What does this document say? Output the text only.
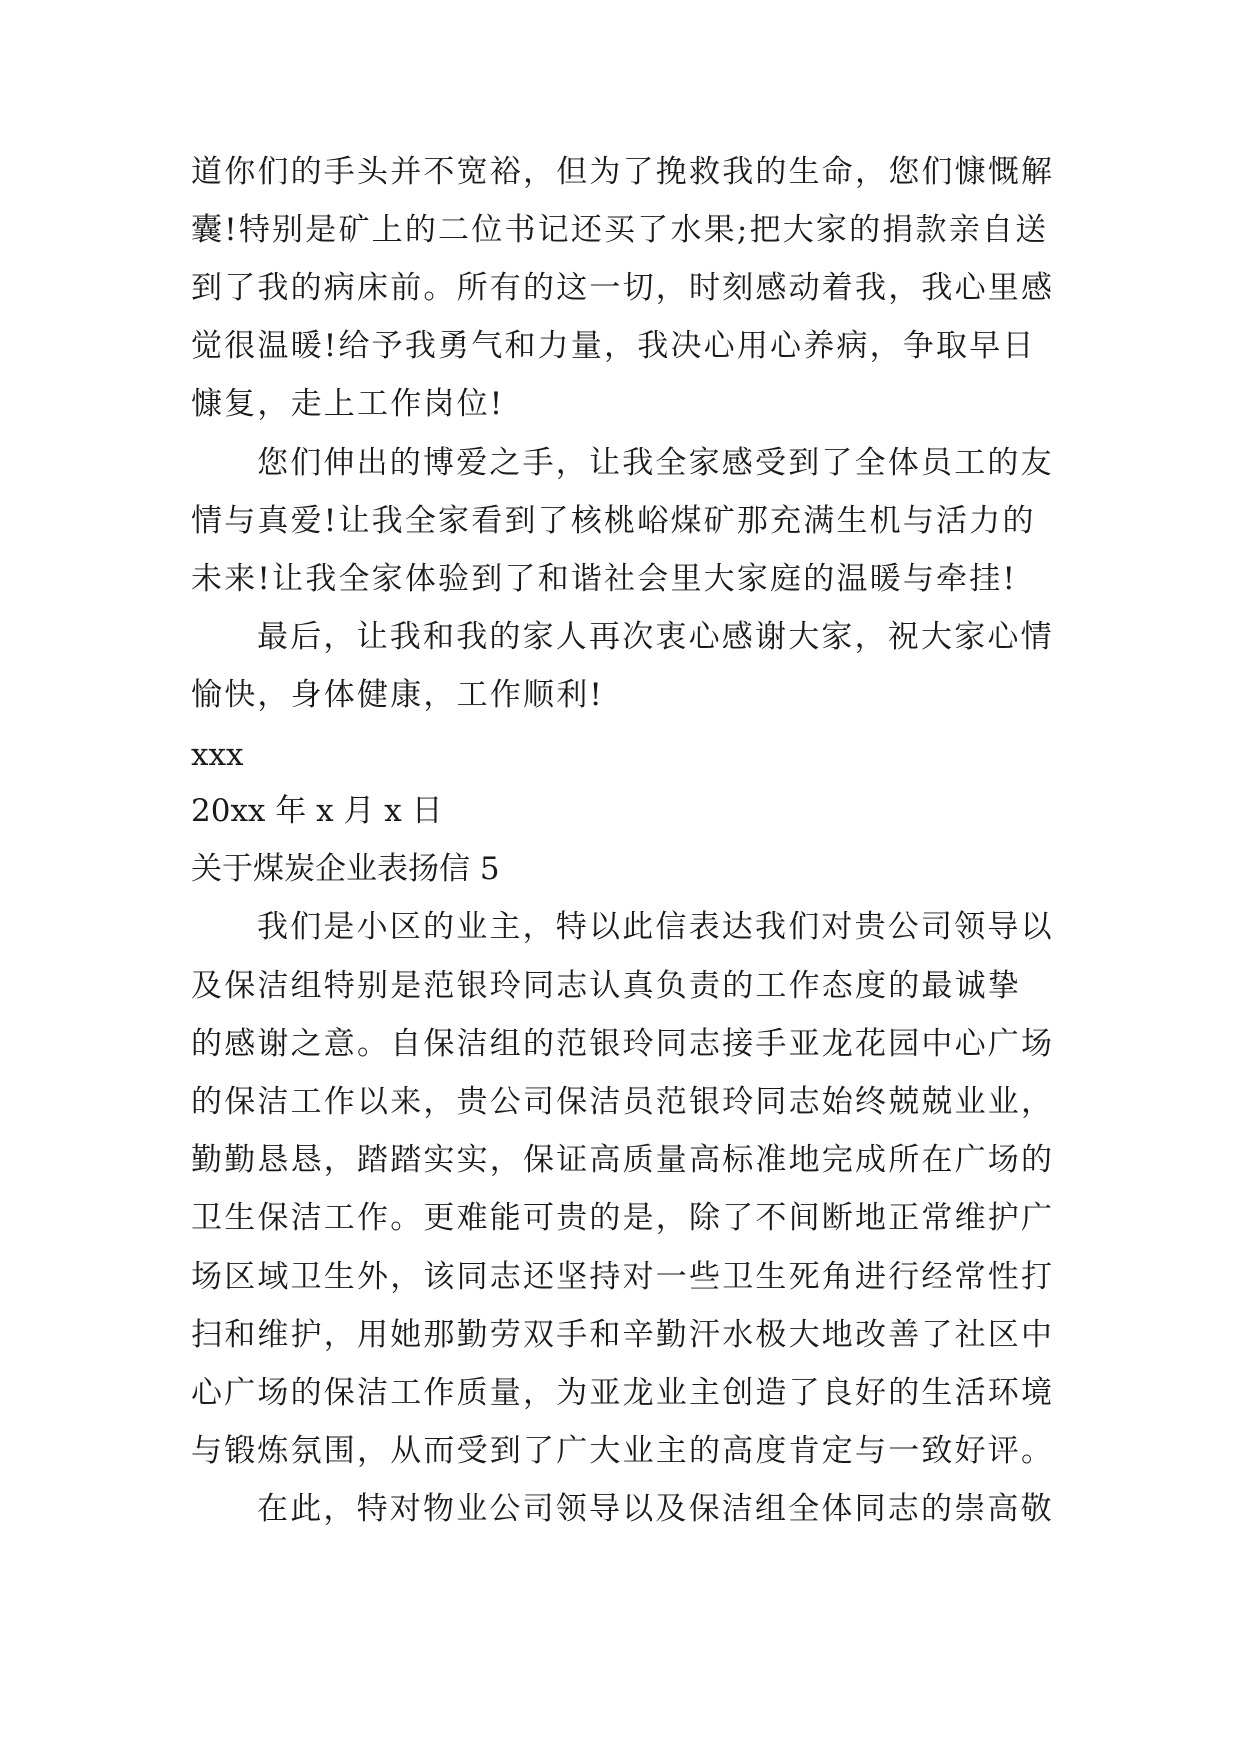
道你们的手头并不宽裕，但为了挽救我的生命，您们慷慨解
囊!特别是矿上的二位书记还买了水果;把大家的捐款亲自送
到了我的病床前。所有的这一切，时刻感动着我，我心里感
觉很温暖!给予我勇气和力量，我决心用心养病，争取早日
慷复，走上工作岗位!
您们伸出的博爱之手，让我全家感受到了全体员工的友
情与真爱!让我全家看到了核桃峪煤矿那充满生机与活力的
未来!让我全家体验到了和谐社会里大家庭的温暖与牵挂!
最后，让我和我的家人再次衷心感谢大家，祝大家心情
愉快，身体健康，工作顺利!
xxx
20xx 年 x 月 x 日
关于煤炭企业表扬信 5
我们是小区的业主，特以此信表达我们对贵公司领导以
及保洁组特别是范银玲同志认真负责的工作态度的最诚挚
的感谢之意。自保洁组的范银玲同志接手亚龙花园中心广场
的保洁工作以来，贵公司保洁员范银玲同志始终兢兢业业，
勤勤恳恳，踏踏实实，保证高质量高标准地完成所在广场的
卫生保洁工作。更难能可贵的是，除了不间断地正常维护广
场区域卫生外，该同志还坚持对一些卫生死角进行经常性打
扫和维护，用她那勤劳双手和辛勤汗水极大地改善了社区中
心广场的保洁工作质量，为亚龙业主创造了良好的生活环境
与锻炼氛围，从而受到了广大业主的高度肯定与一致好评。
在此，特对物业公司领导以及保洁组全体同志的崇高敬
